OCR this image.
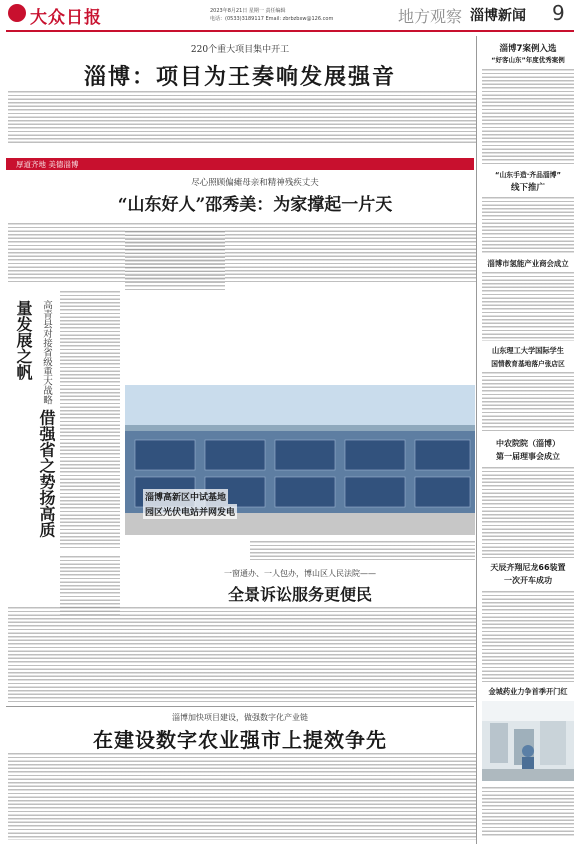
大众日报	2023年8月21日 星期一 责任编辑
电话：(0533)3189117 Email: zbrbzbxw@126.com	地方观察 淄博新闻 9
220个重大项目集中开工
淄博：项目为王奏响发展强音
厚道齐地 美德淄博
尽心照顾偏瘫母亲和精神残疾丈夫
“山东好人”邵秀美：为家撑起一片天
高青县对接省级重大战略 借强省之势扬高质量发展之帆
淄博高新区中试基地
园区光伏电站并网发电
一窗通办、一人包办，博山区人民法院——
全景诉讼服务更便民
淄博加快项目建设，做强数字化产业链
在建设数字农业强市上提效争先
淄博7案例入选
“好客山东”年度优秀案例
“山东手造·齐品淄博”
线下推广
淄博市氢能产业商会成立
山东理工大学国际学生
国情教育基地落户张店区
中农院院（淄博）
第一届理事会成立
天辰齐翔尼龙66装置
一次开车成功
金城药业力争首季开门红
